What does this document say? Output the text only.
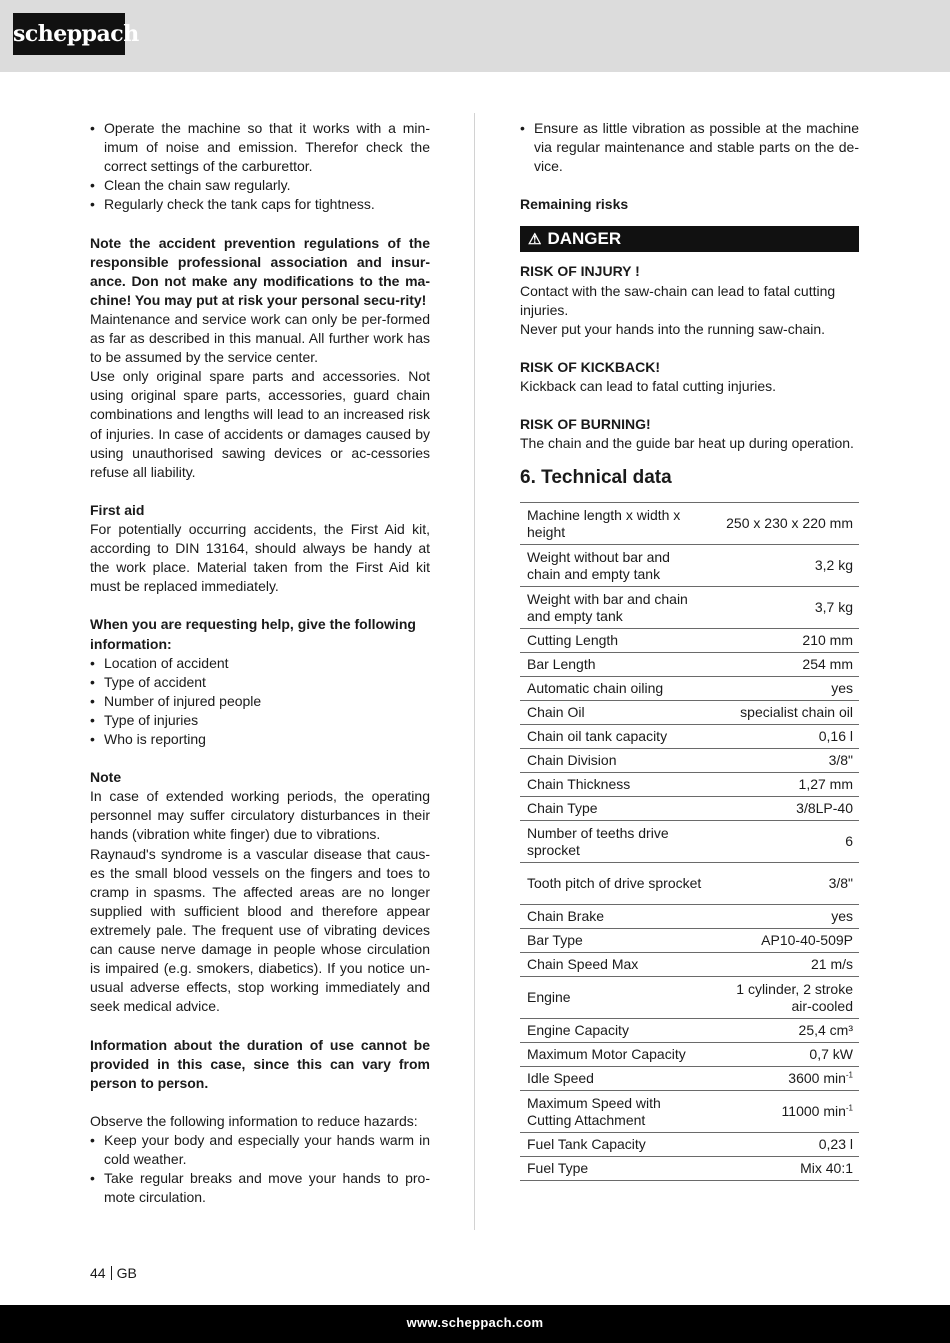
scheppach
• Operate the machine so that it works with a min-imum of noise and emission. Therefor check the correct settings of the carburettor.
• Clean the chain saw regularly.
• Regularly check the tank caps for tightness.

Note the accident prevention regulations of the responsible professional association and insur-ance. Don not make any modifications to the ma-chine! You may put at risk your personal secu-rity!

Maintenance and service work can only be per-formed as far as described in this manual. All further work has to be assumed by the service center.

Use only original spare parts and accessories. Not using original spare parts, accessories, guard chain combinations and lengths will lead to an increased risk of injuries. In case of accidents or damages caused by using unauthorised sawing devices or ac-cessories refuse all liability.

First aid

For potentially occurring accidents, the First Aid kit, according to DIN 13164, should always be handy at the work place. Material taken from the First Aid kit must be replaced immediately.

When you are requesting help, give the following information:

• Location of accident
• Type of accident
• Number of injured people
• Type of injuries
• Who is reporting

Note

In case of extended working periods, the operating personnel may suffer circulatory disturbances in their hands (vibration white finger) due to vibrations.

Raynaud's syndrome is a vascular disease that caus-es the small blood vessels on the fingers and toes to cramp in spasms. The affected areas are no longer supplied with sufficient blood and therefore appear extremely pale. The frequent use of vibrating devices can cause nerve damage in people whose circulation is impaired (e.g. smokers, diabetics). If you notice un-usual adverse effects, stop working immediately and seek medical advice.

Information about the duration of use cannot be provided in this case, since this can vary from person to person.

Observe the following information to reduce hazards:

• Keep your body and especially your hands warm in cold weather.
• Take regular breaks and move your hands to pro-mote circulation.
• Ensure as little vibration as possible at the machine via regular maintenance and stable parts on the de-vice.

Remaining risks

⚠ DANGER

RISK OF INJURY !

Contact with the saw-chain can lead to fatal cutting injuries.

Never put your hands into the running saw-chain.

RISK OF KICKBACK!

Kickback can lead to fatal cutting injuries.

RISK OF BURNING!

The chain and the guide bar heat up during operation.

6. Technical data
Machine length x width x height	250 x 230 x 220 mm
Weight without bar and chain and empty tank	3,2 kg
Weight with bar and chain and empty tank	3,7 kg
Cutting Length	210 mm
Bar Length	254 mm
Automatic chain oiling	yes
Chain Oil	specialist chain oil
Chain oil tank capacity	0,16 l
Chain Division	3/8"
Chain Thickness	1,27 mm
Chain Type	3/8LP-40
Number of teeths drive sprocket	6
Tooth pitch of drive sprocket	3/8"
Chain Brake	yes
Bar Type	AP10-40-509P
Chain Speed Max	21 m/s
Engine	1 cylinder, 2 stroke air-cooled
Engine Capacity	25,4 cm³
Maximum Motor Capacity	0,7 kW
Idle Speed	3600 $\min^{-1}$
Maximum Speed with Cutting Attachment	11000 $\min^{-1}$
Fuel Tank Capacity	0,23 l
Fuel Type	Mix 40:1
44 GB
www.scheppach.com
